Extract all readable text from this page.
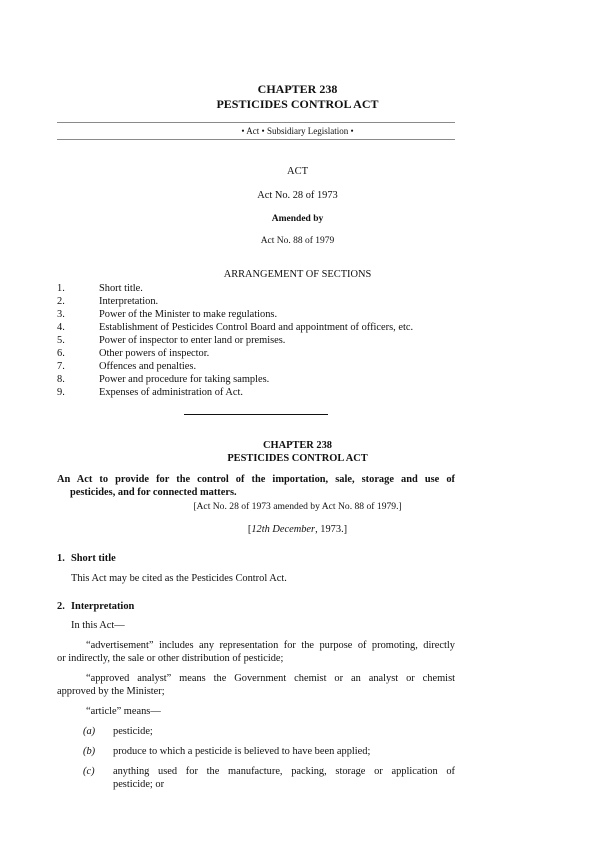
CHAPTER 238
PESTICIDES CONTROL ACT
• Act • Subsidiary Legislation •
ACT
Act No. 28 of 1973
Amended by
Act No. 88 of 1979
ARRANGEMENT OF SECTIONS
1.	Short title.
2.	Interpretation.
3.	Power of the Minister to make regulations.
4.	Establishment of Pesticides Control Board and appointment of officers, etc.
5.	Power of inspector to enter land or premises.
6.	Other powers of inspector.
7.	Offences and penalties.
8.	Power and procedure for taking samples.
9.	Expenses of administration of Act.
CHAPTER 238
PESTICIDES CONTROL ACT
An Act to provide for the control of the importation, sale, storage and use of
pesticides, and for connected matters.
[Act No. 28 of 1973 amended by Act No. 88 of 1979.]
[12th December, 1973.]
1. Short title
This Act may be cited as the Pesticides Control Act.
2. Interpretation
In this Act—
“advertisement” includes any representation for the purpose of promoting, directly
or indirectly, the sale or other distribution of pesticide;
“approved analyst” means the Government chemist or an analyst or chemist
approved by the Minister;
“article” means—
(a) pesticide;
(b) produce to which a pesticide is believed to have been applied;
(c) anything used for the manufacture, packing, storage or application of
pesticide; or
